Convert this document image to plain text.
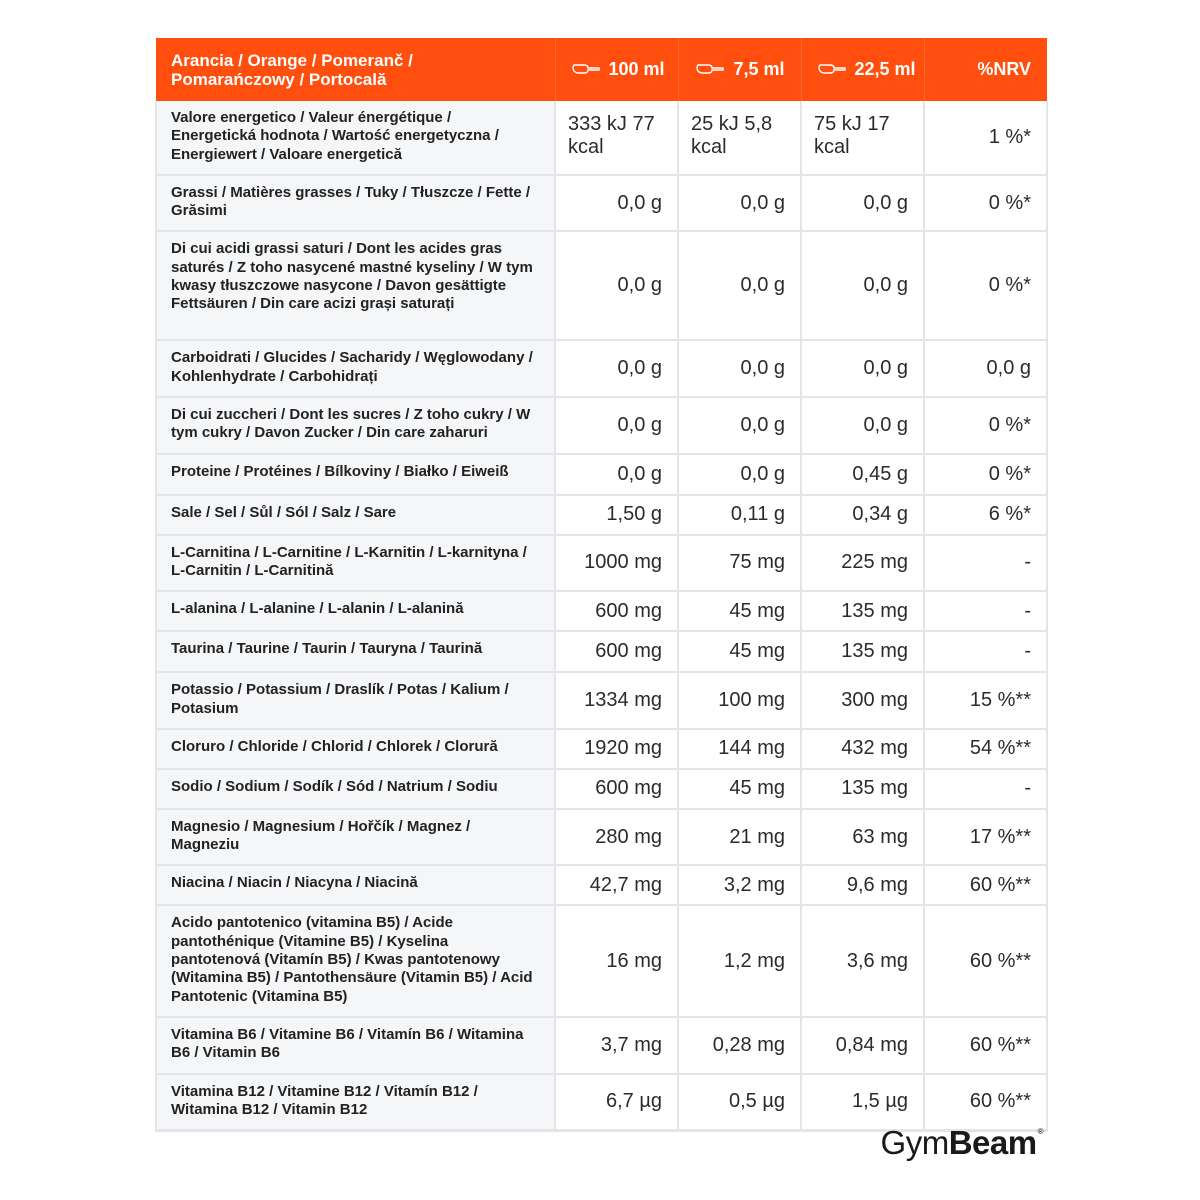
Arancia / Orange / Pomeranč / Pomarańczowy / Portocală	100 ml	7,5 ml	22,5 ml	%NRV
Valore energetico / Valeur énergétique / Energetická hodnota / Wartość energetyczna / Energiewert / Valoare energetică	333 kJ 77 kcal	25 kJ 5,8 kcal	75 kJ 17 kcal	1 %*
Grassi / Matières grasses / Tuky / Tłuszcze / Fette / Grăsimi	0,0 g	0,0 g	0,0 g	0 %*
Di cui acidi grassi saturi / Dont les acides gras saturés / Z toho nasycené mastné kyseliny / W tym kwasy tłuszczowe nasycone / Davon gesättigte Fettsäuren / Din care acizi grași saturați	0,0 g	0,0 g	0,0 g	0 %*
Carboidrati / Glucides / Sacharidy / Węglowodany / Kohlenhydrate / Carbohidrați	0,0 g	0,0 g	0,0 g	0,0 g
Di cui zuccheri / Dont les sucres / Z toho cukry / W tym cukry / Davon Zucker / Din care zaharuri	0,0 g	0,0 g	0,0 g	0 %*
Proteine / Protéines / Bílkoviny / Białko / Eiweiß	0,0 g	0,0 g	0,45 g	0 %*
Sale / Sel / Sůl / Sól / Salz / Sare	1,50 g	0,11 g	0,34 g	6 %*
L-Carnitina / L-Carnitine / L-Karnitin / L-karnityna / L-Carnitin / L-Carnitină	1000 mg	75 mg	225 mg	-
L-alanina / L-alanine / L-alanin / L-alanină	600 mg	45 mg	135 mg	-
Taurina / Taurine / Taurin / Tauryna / Taurină	600 mg	45 mg	135 mg	-
Potassio / Potassium / Draslík / Potas / Kalium / Potasium	1334 mg	100 mg	300 mg	15 %**
Cloruro / Chloride / Chlorid / Chlorek / Clorură	1920 mg	144 mg	432 mg	54 %**
Sodio / Sodium / Sodík / Sód / Natrium / Sodiu	600 mg	45 mg	135 mg	-
Magnesio / Magnesium / Hořčík / Magnez / Magneziu	280 mg	21 mg	63 mg	17 %**
Niacina / Niacin / Niacyna / Niacină	42,7 mg	3,2 mg	9,6 mg	60 %**
Acido pantotenico (vitamina B5) / Acide pantothénique (Vitamine B5) / Kyselina pantotenová (Vitamín B5) / Kwas pantotenowy (Witamina B5) / Pantothensäure (Vitamin B5) / Acid Pantotenic (Vitamina B5)	16 mg	1,2 mg	3,6 mg	60 %**
Vitamina B6 / Vitamine B6 / Vitamín B6 / Witamina B6 / Vitamin B6	3,7 mg	0,28 mg	0,84 mg	60 %**
Vitamina B12 / Vitamine B12 / Vitamín B12 / Witamina B12 / Vitamin B12	6,7 µg	0,5 µg	1,5 µg	60 %**
GymBeam®
